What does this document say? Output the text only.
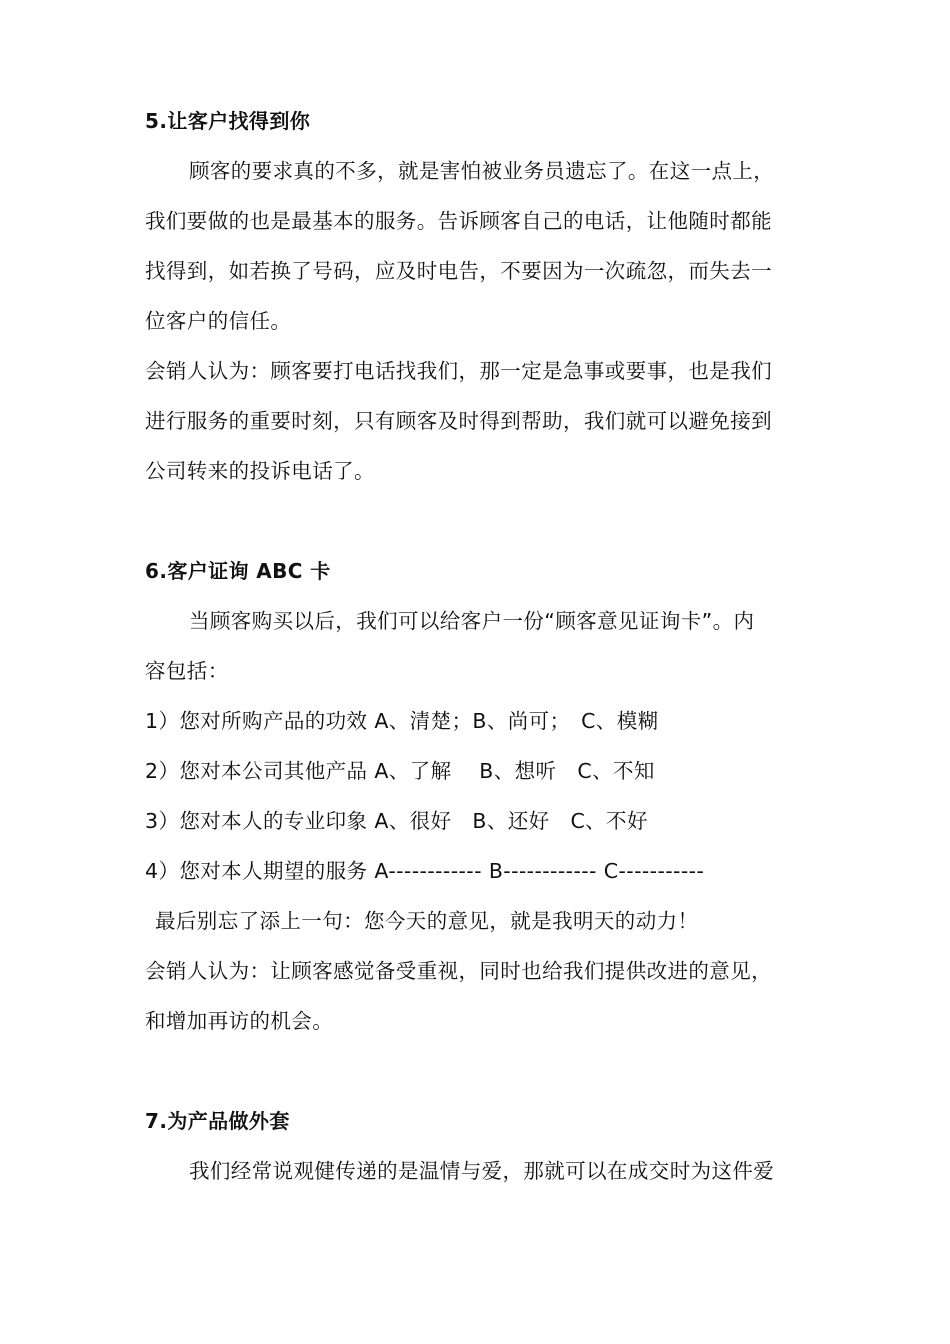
5.让客户找得到你
顾客的要求真的不多，就是害怕被业务员遗忘了。在这一点上，
我们要做的也是最基本的服务。告诉顾客自己的电话，让他随时都能
找得到，如若换了号码，应及时电告，不要因为一次疏忽，而失去一
位客户的信任。
会销人认为：顾客要打电话找我们，那一定是急事或要事，也是我们
进行服务的重要时刻，只有顾客及时得到帮助，我们就可以避免接到
公司转来的投诉电话了。
6.客户证询 ABC 卡
当顾客购买以后，我们可以给客户一份“顾客意见证询卡”。内
容包括：
1）您对所购产品的功效 A、清楚；B、尚可；　C、模糊
2）您对本公司其他产品 A、了解　 B、想听　C、不知
3）您对本人的专业印象 A、很好　B、还好　C、不好
4）您对本人期望的服务 A------------ B------------ C-----------
最后别忘了添上一句：您今天的意见，就是我明天的动力！
会销人认为：让顾客感觉备受重视，同时也给我们提供改进的意见，
和增加再访的机会。
7.为产品做外套
我们经常说观健传递的是温情与爱，那就可以在成交时为这件爱
